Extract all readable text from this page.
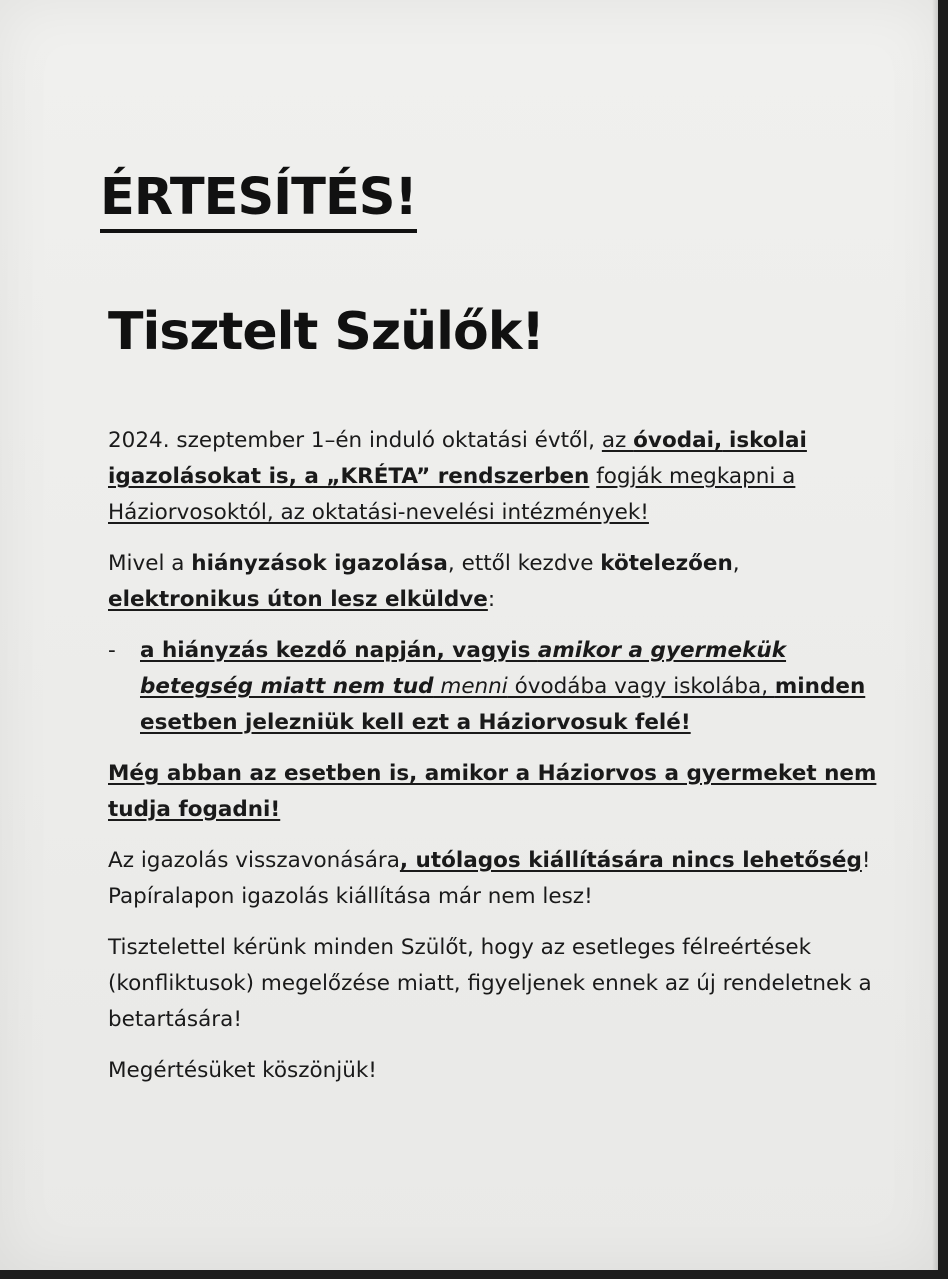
ÉRTESÍTÉS!
Tisztelt Szülők!

2024. szeptember 1–én induló oktatási évtől, az óvodai, iskolai igazolásokat is, a „KRÉTA” rendszerben fogják megkapni a Háziorvosoktól, az oktatási-nevelési intézmények!

Mivel a hiányzások igazolása, ettől kezdve kötelezően, elektronikus úton lesz elküldve:

-	a hiányzás kezdő napján, vagyis amikor a gyermekük betegség miatt nem tud menni óvodába vagy iskolába, minden esetben jelezniük kell ezt a Háziorvosuk felé!

Még abban az esetben is, amikor a Háziorvos a gyermeket nem tudja fogadni!

Az igazolás visszavonására, utólagos kiállítására nincs lehetőség! Papíralapon igazolás kiállítása már nem lesz!

Tisztelettel kérünk minden Szülőt, hogy az esetleges félreértések (konfliktusok) megelőzése miatt, figyeljenek ennek az új rendeletnek a betartására!

Megértésüket köszönjük!
